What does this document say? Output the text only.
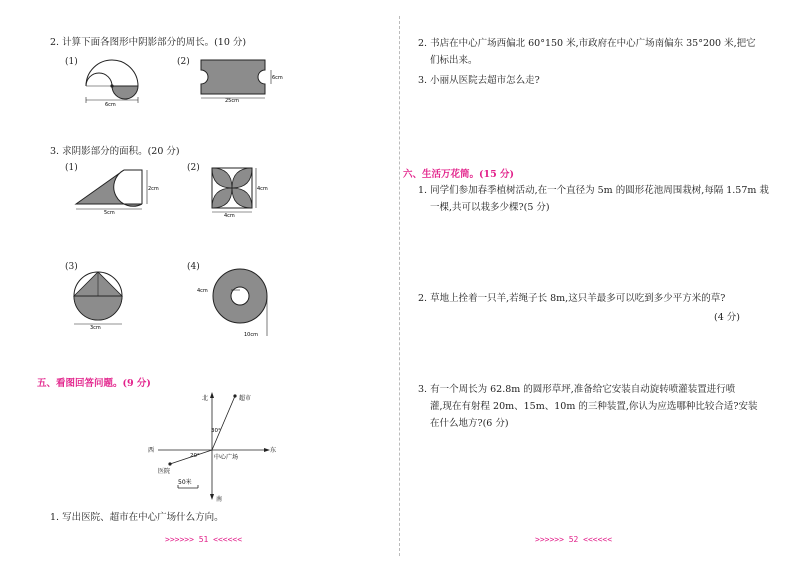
2. 计算下面各图形中阴影部分的周长。(10 分)
(1)
6cm
(2)
6cm
25cm
3. 求阴影部分的面积。(20 分)
(1)
2cm
5cm
(2)
4cm
4cm
(3)
3cm
(4)
4cm
10cm
五、看图回答问题。(9 分)
北
南
西	东
超市
医院
中心广场
30°
20°
50米
1. 写出医院、超市在中心广场什么方向。
>>>>>> 51 <<<<<<
2. 书店在中心广场西偏北 60°150 米,市政府在中心广场南偏东 35°200 米,把它
们标出来。
3. 小丽从医院去超市怎么走?
六、生活万花筒。(15 分)
1. 同学们参加春季植树活动,在一个直径为 5m 的圆形花池周围栽树,每隔 1.57m 栽
一棵,共可以栽多少棵?(5 分)
2. 草地上拴着一只羊,若绳子长 8m,这只羊最多可以吃到多少平方米的草?
(4 分)
3. 有一个周长为 62.8m 的圆形草坪,准备给它安装自动旋转喷灌装置进行喷
灌,现在有射程 20m、15m、10m 的三种装置,你认为应选哪种比较合适?安装
在什么地方?(6 分)
>>>>>> 52 <<<<<<
